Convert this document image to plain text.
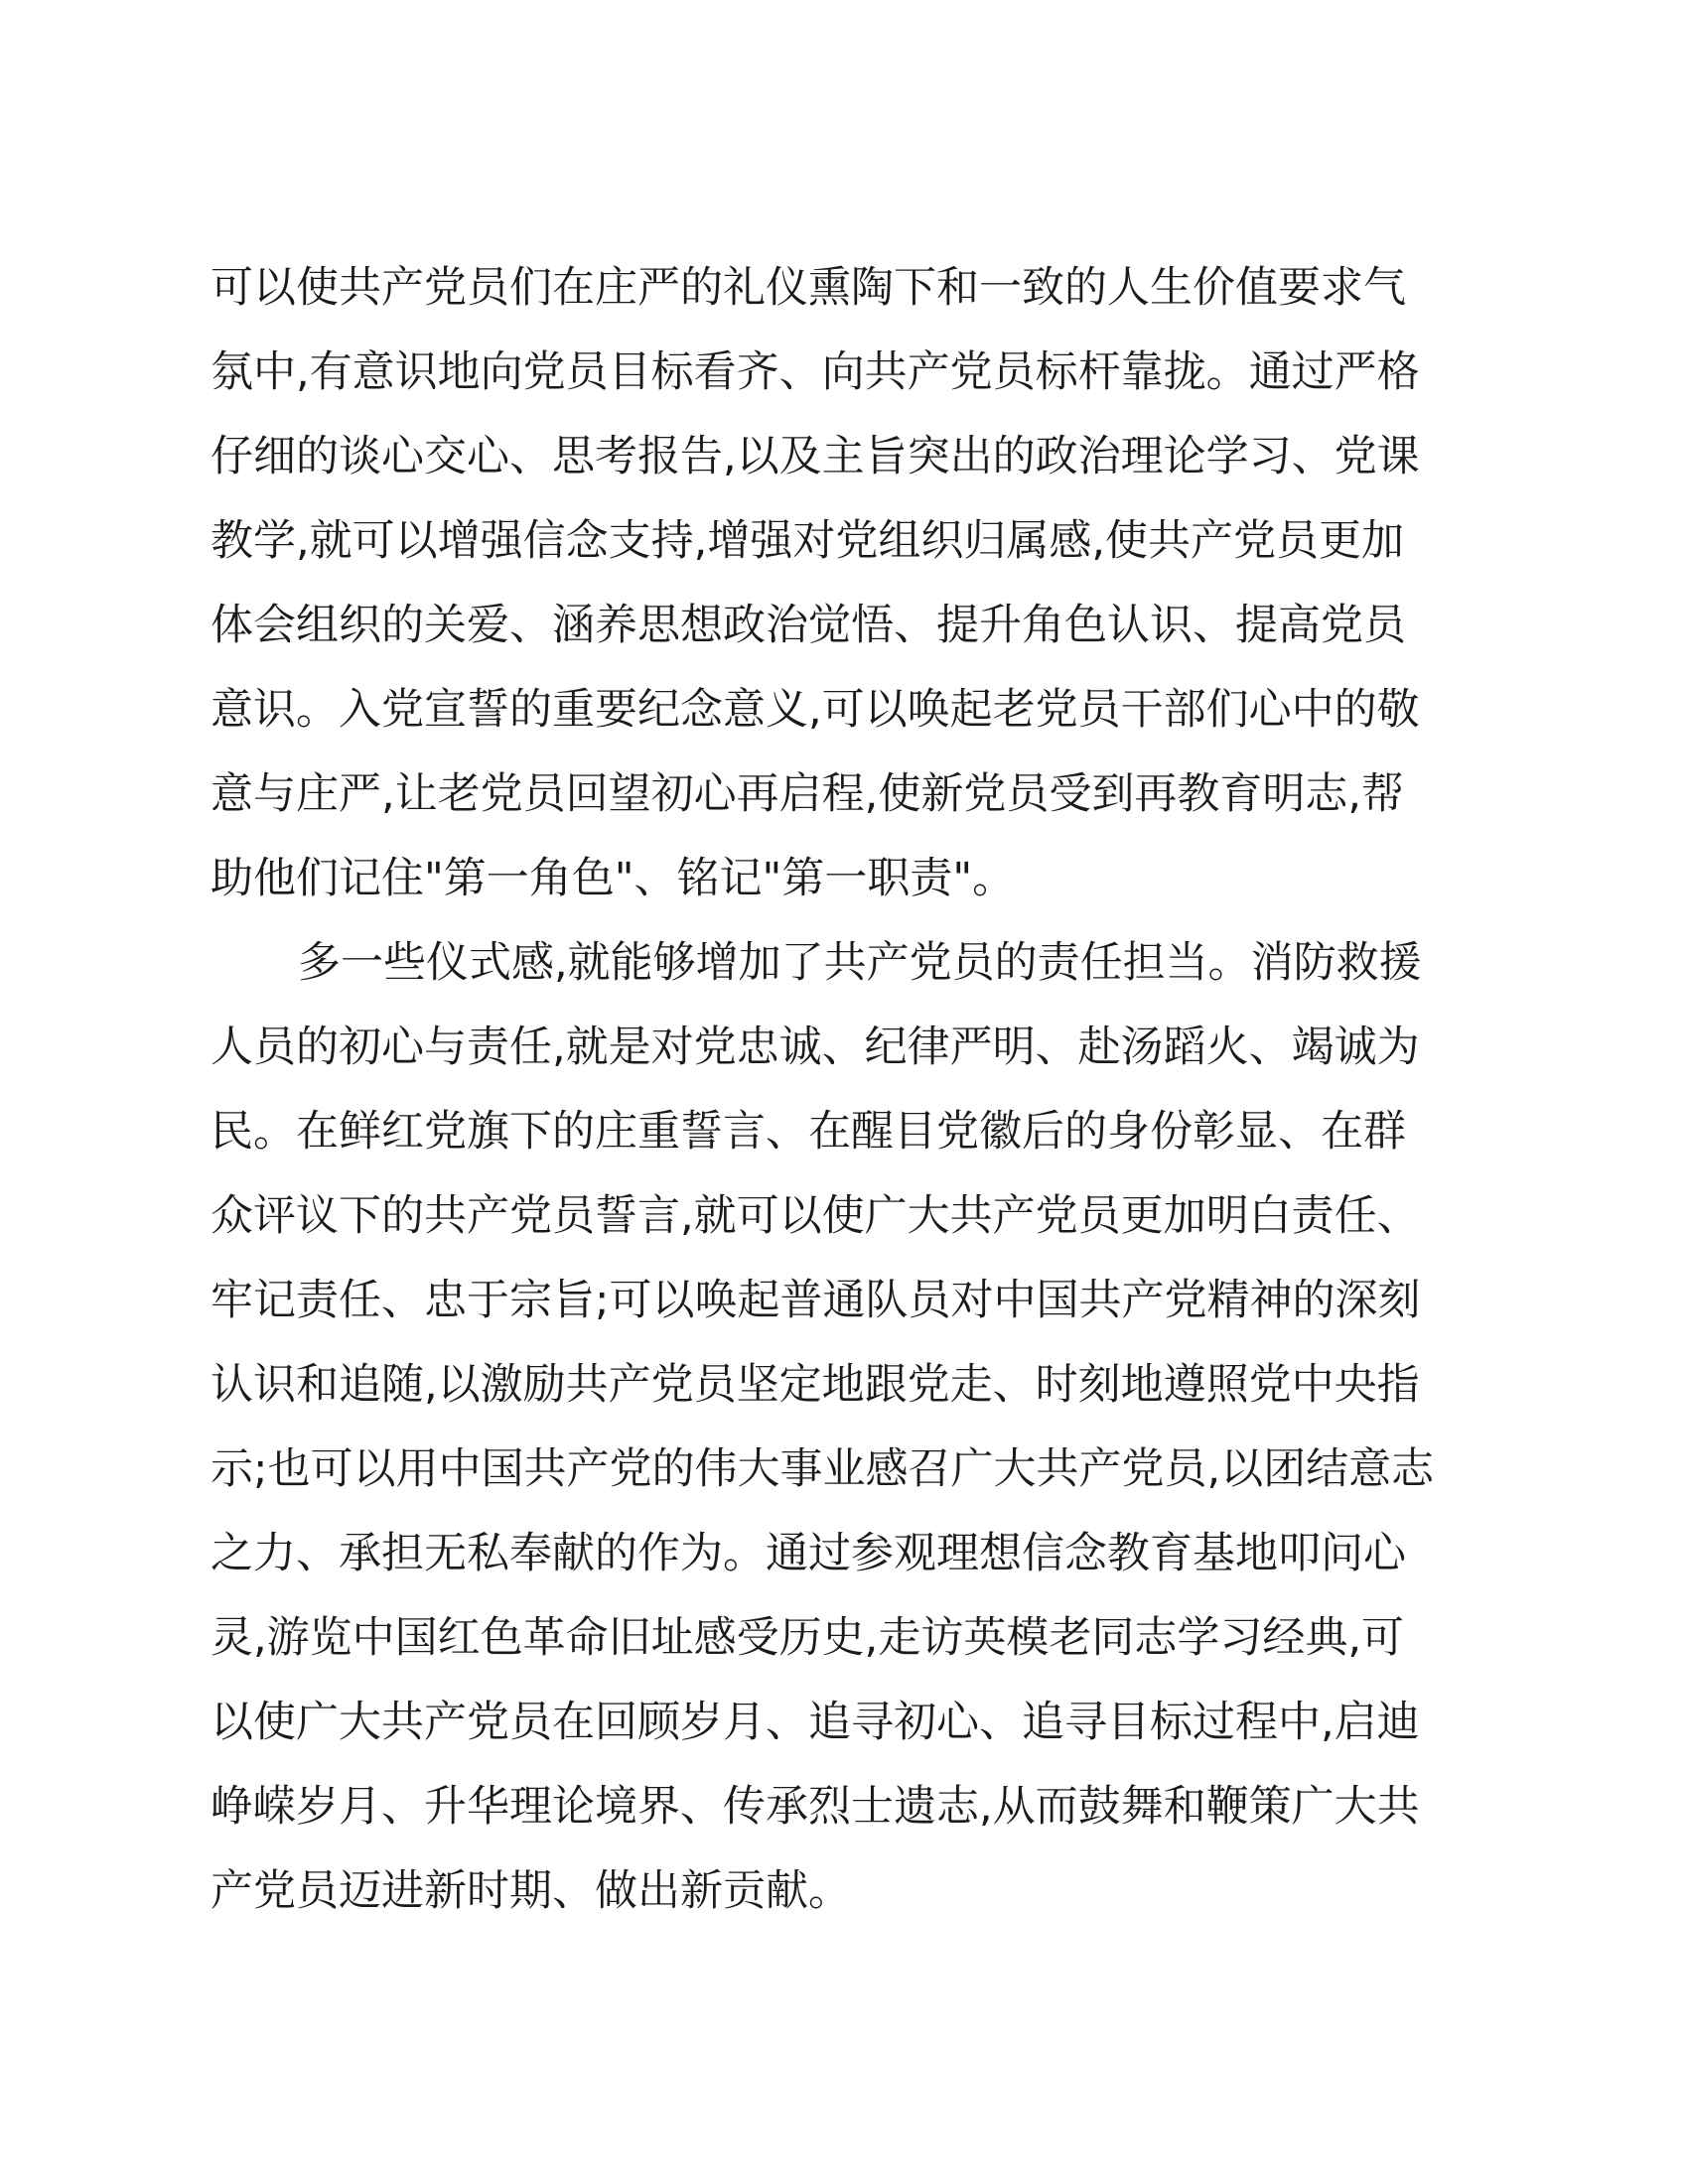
可以使共产党员们在庄严的礼仪熏陶下和一致的人生价值要求气
氛中,有意识地向党员目标看齐、向共产党员标杆靠拢。通过严格
仔细的谈心交心、思考报告,以及主旨突出的政治理论学习、党课
教学,就可以增强信念支持,增强对党组织归属感,使共产党员更加
体会组织的关爱、涵养思想政治觉悟、提升角色认识、提高党员
意识。入党宣誓的重要纪念意义,可以唤起老党员干部们心中的敬
意与庄严,让老党员回望初心再启程,使新党员受到再教育明志,帮
助他们记住"第一角色"、铭记"第一职责"。
多一些仪式感,就能够增加了共产党员的责任担当。消防救援
人员的初心与责任,就是对党忠诚、纪律严明、赴汤蹈火、竭诚为
民。在鲜红党旗下的庄重誓言、在醒目党徽后的身份彰显、在群
众评议下的共产党员誓言,就可以使广大共产党员更加明白责任、
牢记责任、忠于宗旨;可以唤起普通队员对中国共产党精神的深刻
认识和追随,以激励共产党员坚定地跟党走、时刻地遵照党中央指
示;也可以用中国共产党的伟大事业感召广大共产党员,以团结意志
之力、承担无私奉献的作为。通过参观理想信念教育基地叩问心
灵,游览中国红色革命旧址感受历史,走访英模老同志学习经典,可
以使广大共产党员在回顾岁月、追寻初心、追寻目标过程中,启迪
峥嵘岁月、升华理论境界、传承烈士遗志,从而鼓舞和鞭策广大共
产党员迈进新时期、做出新贡献。
